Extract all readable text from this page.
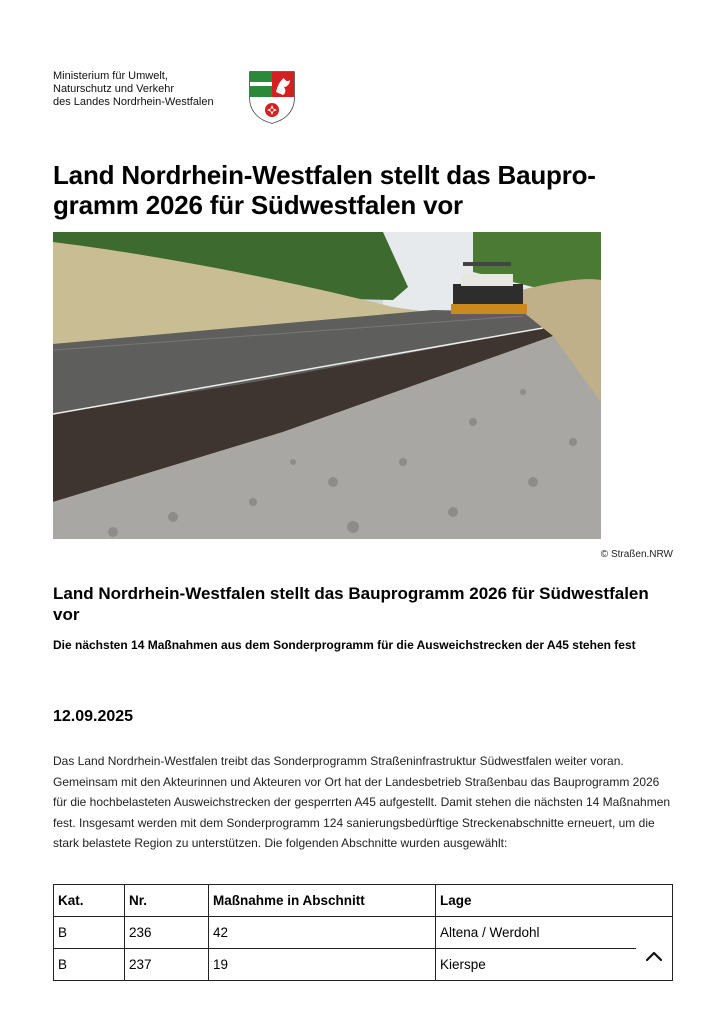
Ministerium für Umwelt,
Naturschutz und Verkehr
des Landes Nordrhein-Westfalen
Land Nordrhein-Westfalen stellt das Baupro-gramm 2026 für Südwestfalen vor
© Straßen.NRW
Land Nordrhein-Westfalen stellt das Bauprogramm 2026 für Südwestfalen vor

Die nächsten 14 Maßnahmen aus dem Sonderprogramm für die Ausweichstrecken der A45 stehen fest

12.09.2025

Das Land Nordrhein-Westfalen treibt das Sonderprogramm Straßeninfrastruktur Südwestfalen weiter voran. Gemeinsam mit den Akteurinnen und Akteuren vor Ort hat der Landesbetrieb Straßenbau das Bauprogramm 2026 für die hochbelasteten Ausweichstrecken der gesperrten A45 aufgestellt. Damit stehen die nächsten 14 Maßnahmen fest. Insgesamt werden mit dem Sonderprogramm 124 sanierungsbedürftige Streckenabschnitte erneuert, um die stark belastete Region zu unterstützen. Die folgenden Abschnitte wurden ausgewählt:

Kat.	Nr.	Maßnahme in Abschnitt	Lage
B	236	42	Altena / Werdohl
B	237	19	Kierspe
